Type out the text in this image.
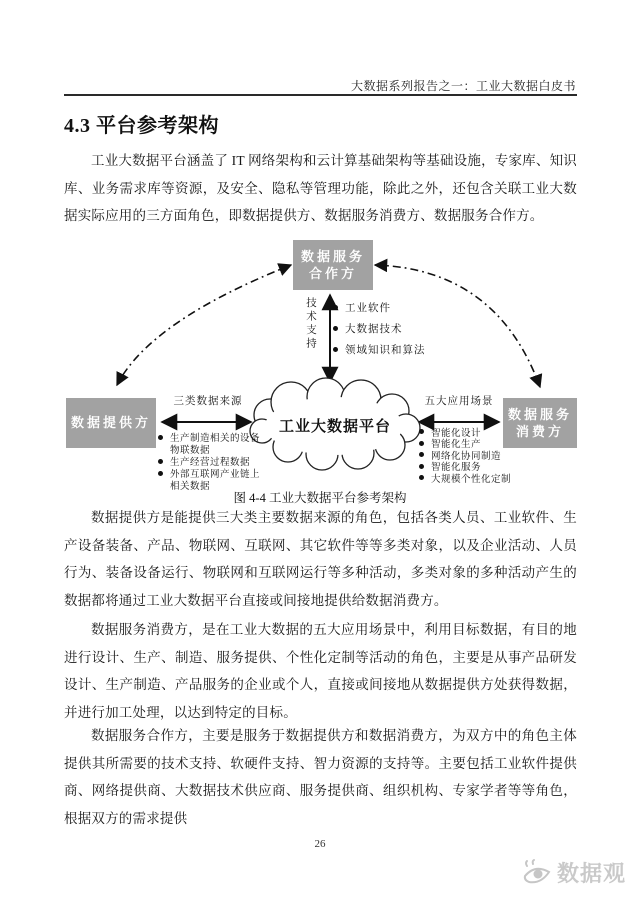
大数据系列报告之一：工业大数据白皮书
4.3 平台参考架构
工业大数据平台涵盖了 IT 网络架构和云计算基础架构等基础设施，专家库、知识库、业务需求库等资源，及安全、隐私等管理功能，除此之外，还包含关联工业大数据实际应用的三方面角色，即数据提供方、数据服务消费方、数据服务合作方。
数据服务
合作方
数据提供方
数据服务
消费方
工业大数据平台
技术支持	工业软件
大数据技术
领域知识和算法
三类数据来源
生产制造相关的设备
物联数据
生产经营过程数据
外部互联网产业链上
相关数据
五大应用场景
智能化设计
智能化生产
网络化协同制造
智能化服务
大规模个性化定制
图 4-4 工业大数据平台参考架构
数据提供方是能提供三大类主要数据来源的角色，包括各类人员、工业软件、生产设备装备、产品、物联网、互联网、其它软件等等多类对象，以及企业活动、人员行为、装备设备运行、物联网和互联网运行等多种活动，多类对象的多种活动产生的数据都将通过工业大数据平台直接或间接地提供给数据消费方。
数据服务消费方，是在工业大数据的五大应用场景中，利用目标数据，有目的地进行设计、生产、制造、服务提供、个性化定制等活动的角色，主要是从事产品研发设计、生产制造、产品服务的企业或个人，直接或间接地从数据提供方处获得数据，并进行加工处理，以达到特定的目标。
数据服务合作方，主要是服务于数据提供方和数据消费方，为双方中的角色主体提供其所需要的技术支持、软硬件支持、智力资源的支持等。主要包括工业软件提供商、网络提供商、大数据技术供应商、服务提供商、组织机构、专家学者等等角色，根据双方的需求提供
26
数据观
